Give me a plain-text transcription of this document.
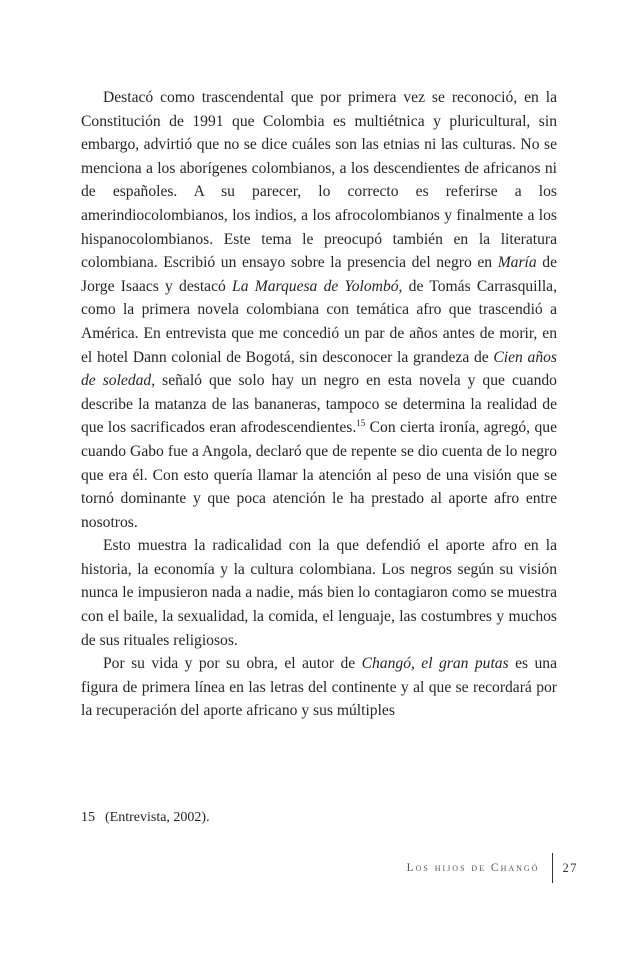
Destacó como trascendental que por primera vez se reconoció, en la Constitución de 1991 que Colombia es multiétnica y pluricultural, sin embargo, advirtió que no se dice cuáles son las etnias ni las culturas. No se menciona a los aborígenes colombianos, a los descendientes de africanos ni de españoles. A su parecer, lo correcto es referirse a los amerindiocolombianos, los indios, a los afrocolombianos y finalmente a los hispanocolombianos. Este tema le preocupó también en la literatura colombiana. Escribió un ensayo sobre la presencia del negro en María de Jorge Isaacs y destacó La Marquesa de Yolombó, de Tomás Carrasquilla, como la primera novela colombiana con temática afro que trascendió a América. En entrevista que me concedió un par de años antes de morir, en el hotel Dann colonial de Bogotá, sin desconocer la grandeza de Cien años de soledad, señaló que solo hay un negro en esta novela y que cuando describe la matanza de las bananeras, tampoco se determina la realidad de que los sacrificados eran afrodescendientes.$^{15}$ Con cierta ironía, agregó, que cuando Gabo fue a Angola, declaró que de repente se dio cuenta de lo negro que era él. Con esto quería llamar la atención al peso de una visión que se tornó dominante y que poca atención le ha prestado al aporte afro entre nosotros.

Esto muestra la radicalidad con la que defendió el aporte afro en la historia, la economía y la cultura colombiana. Los negros según su visión nunca le impusieron nada a nadie, más bien lo contagiaron como se muestra con el baile, la sexualidad, la comida, el lenguaje, las costumbres y muchos de sus rituales religiosos.

Por su vida y por su obra, el autor de Changó, el gran putas es una figura de primera línea en las letras del continente y al que se recordará por la recuperación del aporte africano y sus múltiples

15 (Entrevista, 2002).
Los hijos de Changó	27
